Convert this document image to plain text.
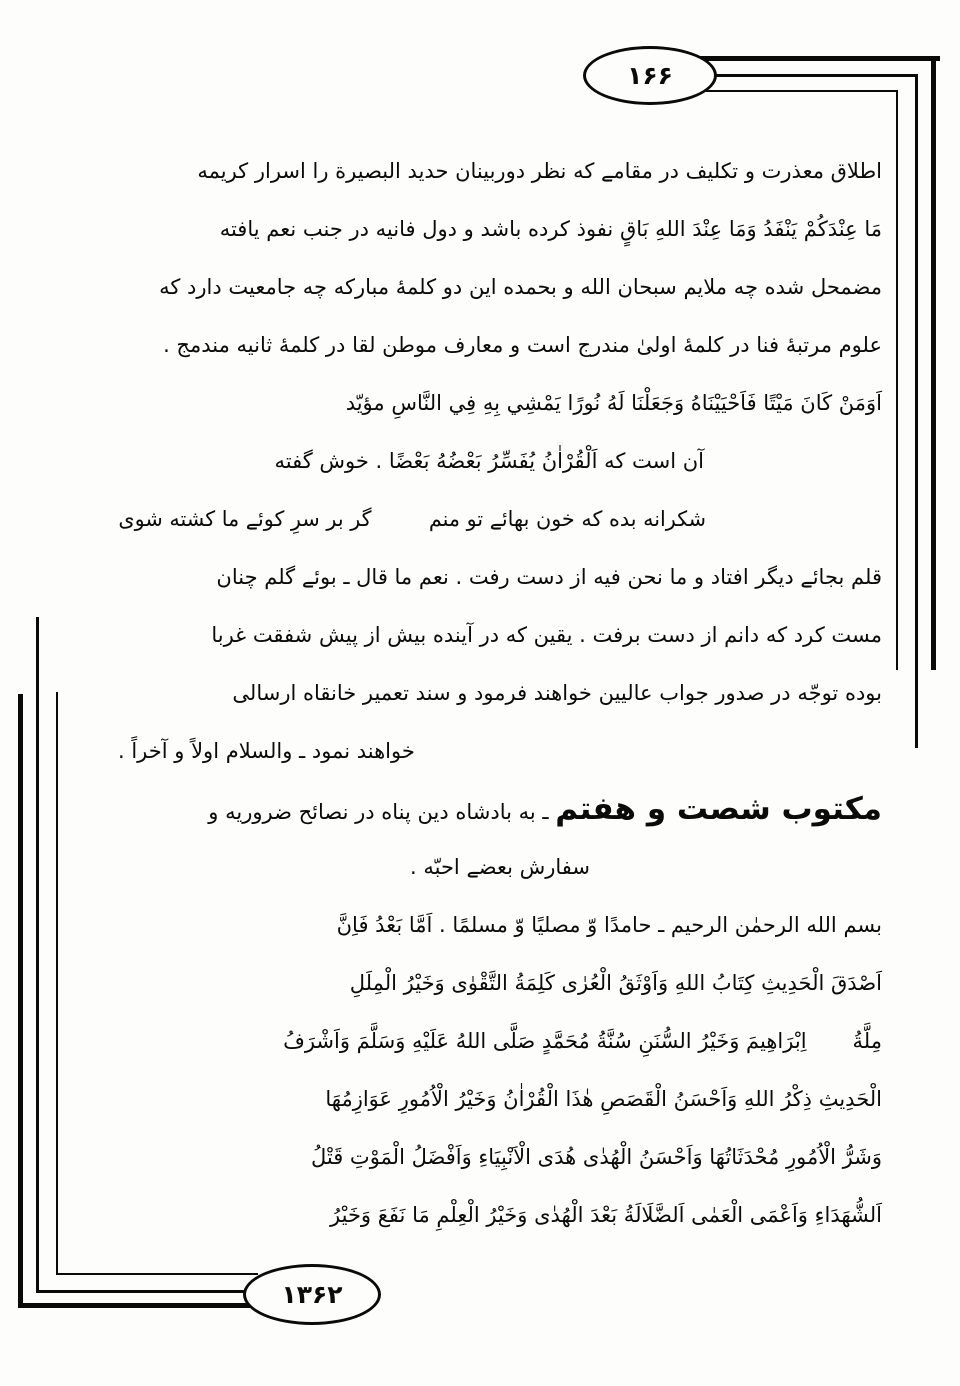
۱۶۶
۱۳۶۲
اطلاق معذرت و تكليف در مقامے كه نظر دوربينان حديد البصيرة را اسرار كريمه
مَا عِنْدَكُمْ يَنْفَدُ وَمَا عِنْدَ اللهِ بَاقٍ نفوذ كرده باشد و دول فانيه در جنب نعم يافته
مضمحل شده چه ملايم سبحان الله و بحمده اين دو كلمهٔ مباركه چه جامعيت دارد كه
علوم مرتبهٔ فنا در كلمهٔ اولىٰ مندرج است و معارف موطن لقا در كلمهٔ ثانيه مندمج .
اَوَمَنْ كَانَ مَيْتًا فَاَحْيَيْنَاهُ وَجَعَلْنَا لَهُ نُورًا يَمْشِي بِهِ فِي النَّاسِ مؤيّد
آن است كه اَلْقُرْاٰنُ يُفَسِّرُ بَعْضُهُ بَعْضًا . خوش گفته
شكرانه بده كه خون بهائے تو منم
گر بر سرِ كوئے ما كشته شوى
قلم بجائے ديگر افتاد و ما نحن فيه از دست رفت . نعم ما قال ـ بوئے گلم چنان
مست كرد كه دانم از دست برفت . يقين كه در آينده بيش از پيش شفقت غربا
بوده توجّه در صدور جواب عاليين خواهند فرمود و سند تعمير خانقاه ارسالى
خواهند نمود ـ والسلام اولاً و آخراً .
مكتوب شصت و هفتم ـ به بادشاه دين پناه در نصائح ضروريه و
سفارش بعضے احبّه .
بسم الله الرحمٰن الرحيم ـ حامدًا وّ مصليًا وّ مسلمًا . اَمَّا بَعْدُ فَاِنَّ
اَصْدَقَ الْحَدِيثِ كِتَابُ اللهِ وَاَوْثَقُ الْعُرٰى كَلِمَةُ التَّقْوٰى وَخَيْرُ الْمِلَلِ
مِلَّةُاِبْرَاهِيمَ وَخَيْرُ السُّنَنِ سُنَّةُ مُحَمَّدٍ صَلَّى اللهُ عَلَيْهِ وَسَلَّمَ وَاَشْرَفُ
الْحَدِيثِ ذِكْرُ اللهِ وَاَحْسَنُ الْقَصَصِ هٰذَا الْقُرْاٰنُ وَخَيْرُ الْاُمُورِ عَوَازِمُهَا
وَشَرُّ الْاُمُورِ مُحْدَثَاتُهَا وَاَحْسَنُ الْهُدٰى هُدَى الْاَنْبِيَاءِ وَاَفْضَلُ الْمَوْتِ قَتْلُ
اَلشُّهَدَاءِ وَاَعْمَى الْعَمٰى اَلضَّلَالَةُ بَعْدَ الْهُدٰى وَخَيْرُ الْعِلْمِ مَا نَفَعَ وَخَيْرُ
